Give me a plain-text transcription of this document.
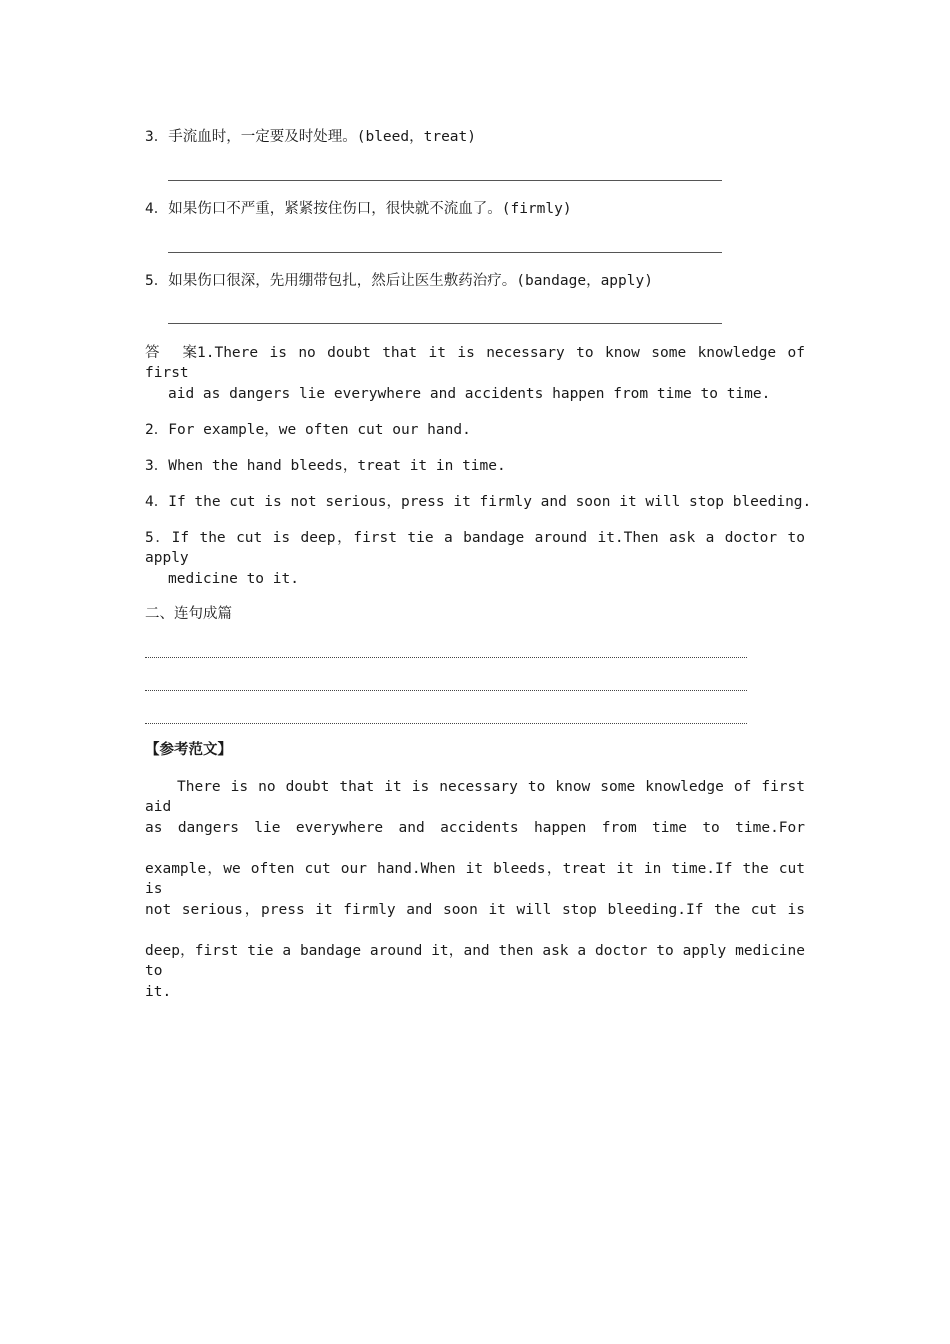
3．手流血时，一定要及时处理。(bleed，treat)
4．如果伤口不严重，紧紧按住伤口，很快就不流血了。(firmly)
5．如果伤口很深，先用绷带包扎，然后让医生敷药治疗。(bandage，apply)
答案1.There is no doubt that it is necessary to know some knowledge of first
aid as dangers lie everywhere and accidents happen from time to time.
2．For example，we often cut our hand.
3．When the hand bleeds，treat it in time.
4．If the cut is not serious，press it firmly and soon it will stop bleeding.
5．If the cut is deep，first tie a bandage around it.Then ask a doctor to apply
medicine to it.
二、连句成篇
【参考范文】
There is no doubt that it is necessary to know some knowledge of first aid
as dangers lie everywhere and accidents happen from time to time.For
example，we often cut our hand.When it bleeds，treat it in time.If the cut is
not serious，press it firmly and soon it will stop bleeding.If the cut is
deep，first tie a bandage around it，and then ask a doctor to apply medicine to
it.
